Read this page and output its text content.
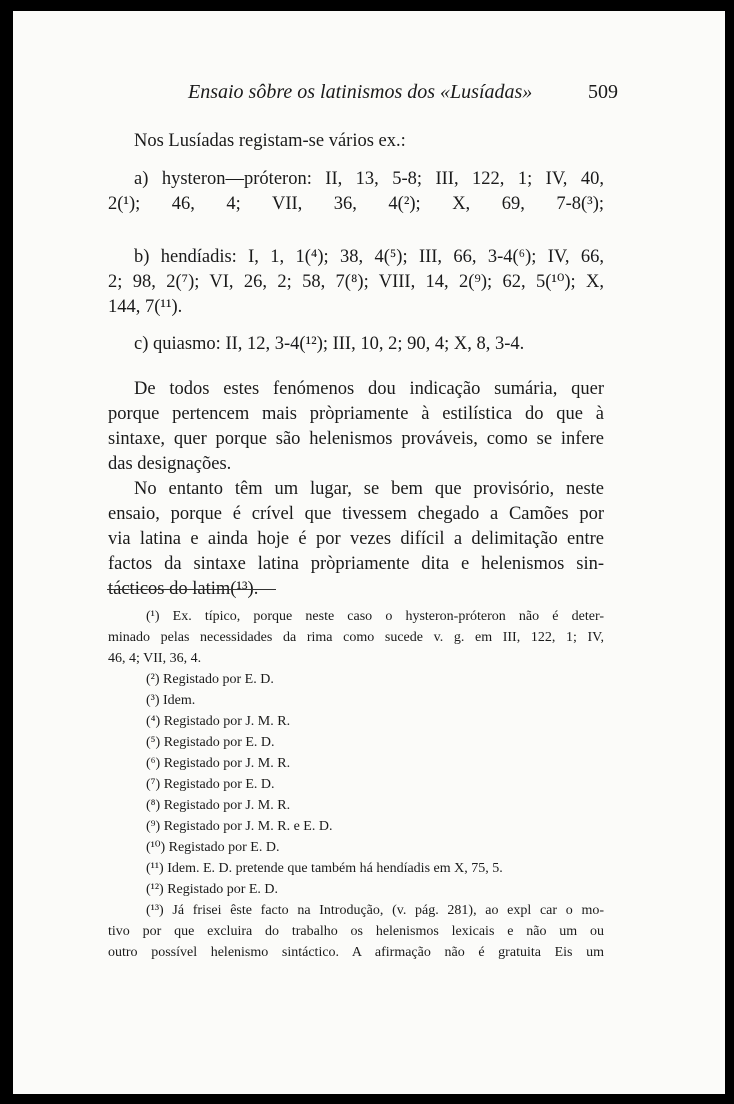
Ensaio sôbre os latinismos dos «Lusíadas»	509
Nos Lusíadas registam-se vários ex.:
a) hysteron—próteron: II, 13, 5-8; III, 122, 1; IV, 40,
2(¹); 46, 4; VII, 36, 4(²); X, 69, 7-8(³);
b) hendíadis: I, 1, 1(⁴); 38, 4(⁵); III, 66, 3-4(⁶); IV, 66,
2; 98, 2(⁷); VI, 26, 2; 58, 7(⁸); VIII, 14, 2(⁹); 62, 5(¹⁰); X,
144, 7(¹¹).
c) quiasmo: II, 12, 3-4(¹²); III, 10, 2; 90, 4; X, 8, 3-4.
De todos estes fenómenos dou indicação sumária, quer
porque pertencem mais pròpriamente à estilística do que à
sintaxe, quer porque são helenismos prováveis, como se infere
das designações.
No entanto têm um lugar, se bem que provisório, neste
ensaio, porque é crível que tivessem chegado a Camões por
via latina e ainda hoje é por vezes difícil a delimitação entre
factos da sintaxe latina pròpriamente dita e helenismos sin-
tácticos do latim(¹³).
(¹) Ex. típico, porque neste caso o hysteron-próteron não é deter-
minado pelas necessidades da rima como sucede v. g. em III, 122, 1; IV,
46, 4; VII, 36, 4.
(²) Registado por E. D.
(³) Idem.
(⁴) Registado por J. M. R.
(⁵) Registado por E. D.
(⁶) Registado por J. M. R.
(⁷) Registado por E. D.
(⁸) Registado por J. M. R.
(⁹) Registado por J. M. R. e E. D.
(¹⁰) Registado por E. D.
(¹¹) Idem. E. D. pretende que também há hendíadis em X, 75, 5.
(¹²) Registado por E. D.
(¹³) Já frisei êste facto na Introdução, (v. pág. 281), ao expl car o mo-
tivo por que excluira do trabalho os helenismos lexicais e não um ou
outro possível helenismo sintáctico. A afirmação não é gratuita Eis um
